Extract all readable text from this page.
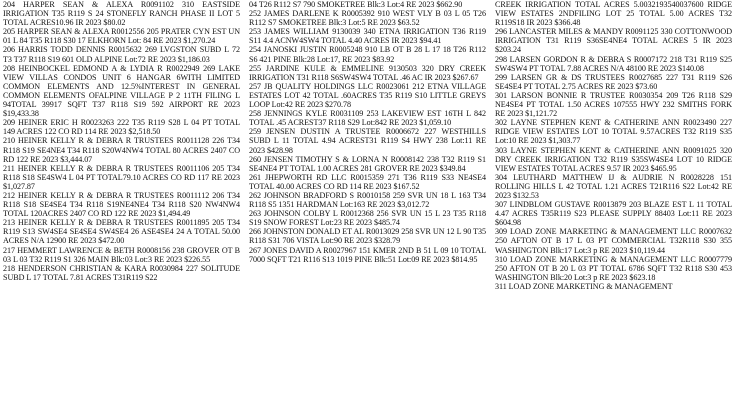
204 HARPER SEAN & ALEXA R0091102 310 EASTSIDE IRRIGATION T35 R119 S 24 STONEFLY RANCH PHASE II LOT 5 TOTAL ACRES10.96 IR 2023 $80.02

205 HARPER SEAN & ALEXA R0012556 205 PRATER CYN EST UN 01 L 84 T35 R118 S30 17 ELKHORN Lot: 84 RE 2023 $1,270.24

206 HARRIS TODD DENNIS R0015632 269 LVGSTON SUBD L 72 T3 T37 R118 S19 601 OLD ALPINE Lot:72 RE 2023 $1,186.03

208 HEINBOCKEL EDMOND A & LYDIA R R0022949 269 LAKE VIEW VILLAS CONDOS UNIT 6 HANGAR 6WITH LIMITED COMMON ELEMENTS AND 12.5%INTEREST IN GENERAL COMMON ELEMENTS OFALPINE VILLAGE P 2 11TH FILING L 94TOTAL 39917 SQFT T37 R118 S19 592 AIRPORT RE 2023 $19,433.38

209 HEINER ERIC H R0023263 222 T35 R119 S28 L 04 PT TOTAL 149 ACRES 122 CO RD 114 RE 2023 $2,518.50

210 HEINER KELLY R & DEBRA R TRUSTEES R0011128 226 T34 R118 S19 SE4NE4 T34 R118 S20W4NW4 TOTAL 80 ACRES 2407 CO RD 122 RE 2023 $3,444.07

211 HEINER KELLY R & DEBRA R TRUSTEES R0011106 205 T34 R118 S18 SE4SW4 L 04 PT TOTAL79.10 ACRES CO RD 117 RE 2023 $1,027.87

212 HEINER KELLY R & DEBRA R TRUSTEES R0011112 206 T34 R118 S18 SE4SE4 T34 R118 S19NE4NE4 T34 R118 S20 NW4NW4 TOTAL 120ACRES 2407 CO RD 122 RE 2023 $1,494.49

213 HEINER KELLY R & DEBRA R TRUSTEES R0011895 205 T34 R119 S13 SW4SE4 SE4SE4 SW4SE4 26 ASE4SE4 24 A TOTAL 50.00 ACRES N/A 12900 RE 2023 $472.00

217 HEMMERT LAWRENCE & BETH R0008156 238 GROVER OT B 03 L 03 T32 R119 S1 326 MAIN Blk:03 Lot:3 RE 2023 $226.55

218 HENDERSON CHRISTIAN & KARA R0030984 227 SOLITUDE SUBD L 17 TOTAL 7.81 ACRES T31R119 S22

04 T26 R112 S7 790 SMOKETREE Blk:3 Lot:4 RE 2023 $662.90

252 JAMES DARLENE K R0005392 910 WEST VLY B 03 L 05 T26 R112 S7 SMOKETREE Blk:3 Lot:5 RE 2023 $63.52

253 JAMES WILLIAM 9130039 340 ETNA IRRIGATION T36 R119 S11 4.4 ACNW4SW4 TOTAL 4.40 ACRES IR 2023 $94.41

254 JANOSKI JUSTIN R0005248 910 LB OT B 28 L 17 18 T26 R112 S6 421 PINE Blk:28 Lot:17, RE 2023 $83.92

255 JARDINE KULE & EMMELINE 9130503 320 DRY CREEK IRRIGATION T31 R118 S6SW4SW4 TOTAL .46 AC IR 2023 $267.67

257 JB QUALITY HOLDINGS LLC R0023061 212 ETNA VILLAGE ESTATES LOT 42 TOTAL .60ACRES T35 R119 S10 LITTLE GREYS LOOP Lot:42 RE 2023 $270.78

258 JENNINGS KYLE R0031109 253 LAKEVIEW EST 16TH L 842 TOTAL .45 ACREST37 R118 S29 Lot:842 RE 2023 $1,059.10

259 JENSEN DUSTIN A TRUSTEE R0006672 227 WESTHILLS SUBD L 11 TOTAL 4.94 ACREST31 R119 S4 HWY 238 Lot:11 RE 2023 $428.98

260 JENSEN TIMOTHY S & LORNA N R0008142 238 T32 R119 S1 SE4NE4 PT TOTAL 1.00 ACRES 281 GROVER RE 2023 $349.84

261 JHEPWORTH RD LLC R0015359 271 T36 R119 S33 NE4SE4 TOTAL 40.00 ACRES CO RD 114 RE 2023 $167.52

262 JOHNSON BRADFORD S R0010158 259 SVR UN 18 L 163 T34 R118 S5 1351 HARDMAN Lot:163 RE 2023 $3,012.72

263 JOHNSON COLBY L R0012368 256 SVR UN 15 L 23 T35 R118 S19 SNOW FOREST Lot:23 RE 2023 $485.74

266 JOHNSTON DONALD ET AL R0013029 258 SVR UN 12 L 90 T35 R118 S31 706 VISTA Lot:90 RE 2023 $328.79

267 JONES DAVID A R0027967 151 KMER 2ND B 51 L 09 10 TOTAL 7000 SQFT T21 R116 S13 1019 PINE Blk:51 Lot:09 RE 2023 $814.95

CREEK IRRIGATION TOTAL ACRES 5.0032193540037600 RIDGE VIEW ESTATES 2NDFILING LOT 25 TOTAL 5.00 ACRES T32 R119S18 IR 2023 $366.48

296 LANCASTER MILES & MANDY R0091125 330 COTTONWOOD IRRIGATION T31 R119 S36SE4NE4 TOTAL ACRES 5 IR 2023 $203.24

298 LARSEN GORDON R & DEBRA S R0007172 218 T31 R119 S25 SW4SW4 PT TOTAL 7.88 ACRES N/A 48100 RE 2023 $140.08

299 LARSEN GR & DS TRUSTEES R0027685 227 T31 R119 S26 SE4SE4 PT TOTAL 2.75 ACRES RE 2023 $73.60

301 LARSON BONNIE R TRUSTEE R0030354 209 T26 R118 S29 NE4SE4 PT TOTAL 1.50 ACRES 107555 HWY 232 SMITHS FORK RE 2023 $1,121.72

302 LAYNE STEPHEN KENT & CATHERINE ANN R0023490 227 RIDGE VIEW ESTATES LOT 10 TOTAL 9.57ACRES T32 R119 S35 Lot:10 RE 2023 $1,303.77

303 LAYNE STEPHEN KENT & CATHERINE ANN R0091025 320 DRY CREEK IRRIGATION T32 R119 S35SW4SE4 LOT 10 RIDGE VIEW ESTATES TOTAL ACRES 9.57 IR 2023 $465.95

304 LEUTHARD MATTHEW IJ & AUDRIE N R0028228 151 ROLLING HILLS L 42 TOTAL 1.21 ACRES T21R116 S22 Lot:42 RE 2023 $132.53

307 LINDBLOM GUSTAVE R0013879 203 BLAZE EST L 11 TOTAL 4.47 ACRES T35R119 S23 PLEASE SUPPLY 88403 Lot:11 RE 2023 $604.98

309 LOAD ZONE MARKETING & MANAGEMENT LLC R0007632 250 AFTON OT B 17 L 03 PT COMMERCIAL T32R118 S30 355 WASHINGTON Blk:17 Lot:3 p RE 2023 $10,119.44

310 LOAD ZONE MARKETING & MANAGEMENT LLC R0007779 250 AFTON OT B 20 L 03 PT TOTAL 6786 SQFT T32 R118 S30 453 WASHINGTON Blk:20 Lot:3 p RE 2023 $623.18

311 LOAD ZONE MARKETING & MANAGEMENT
